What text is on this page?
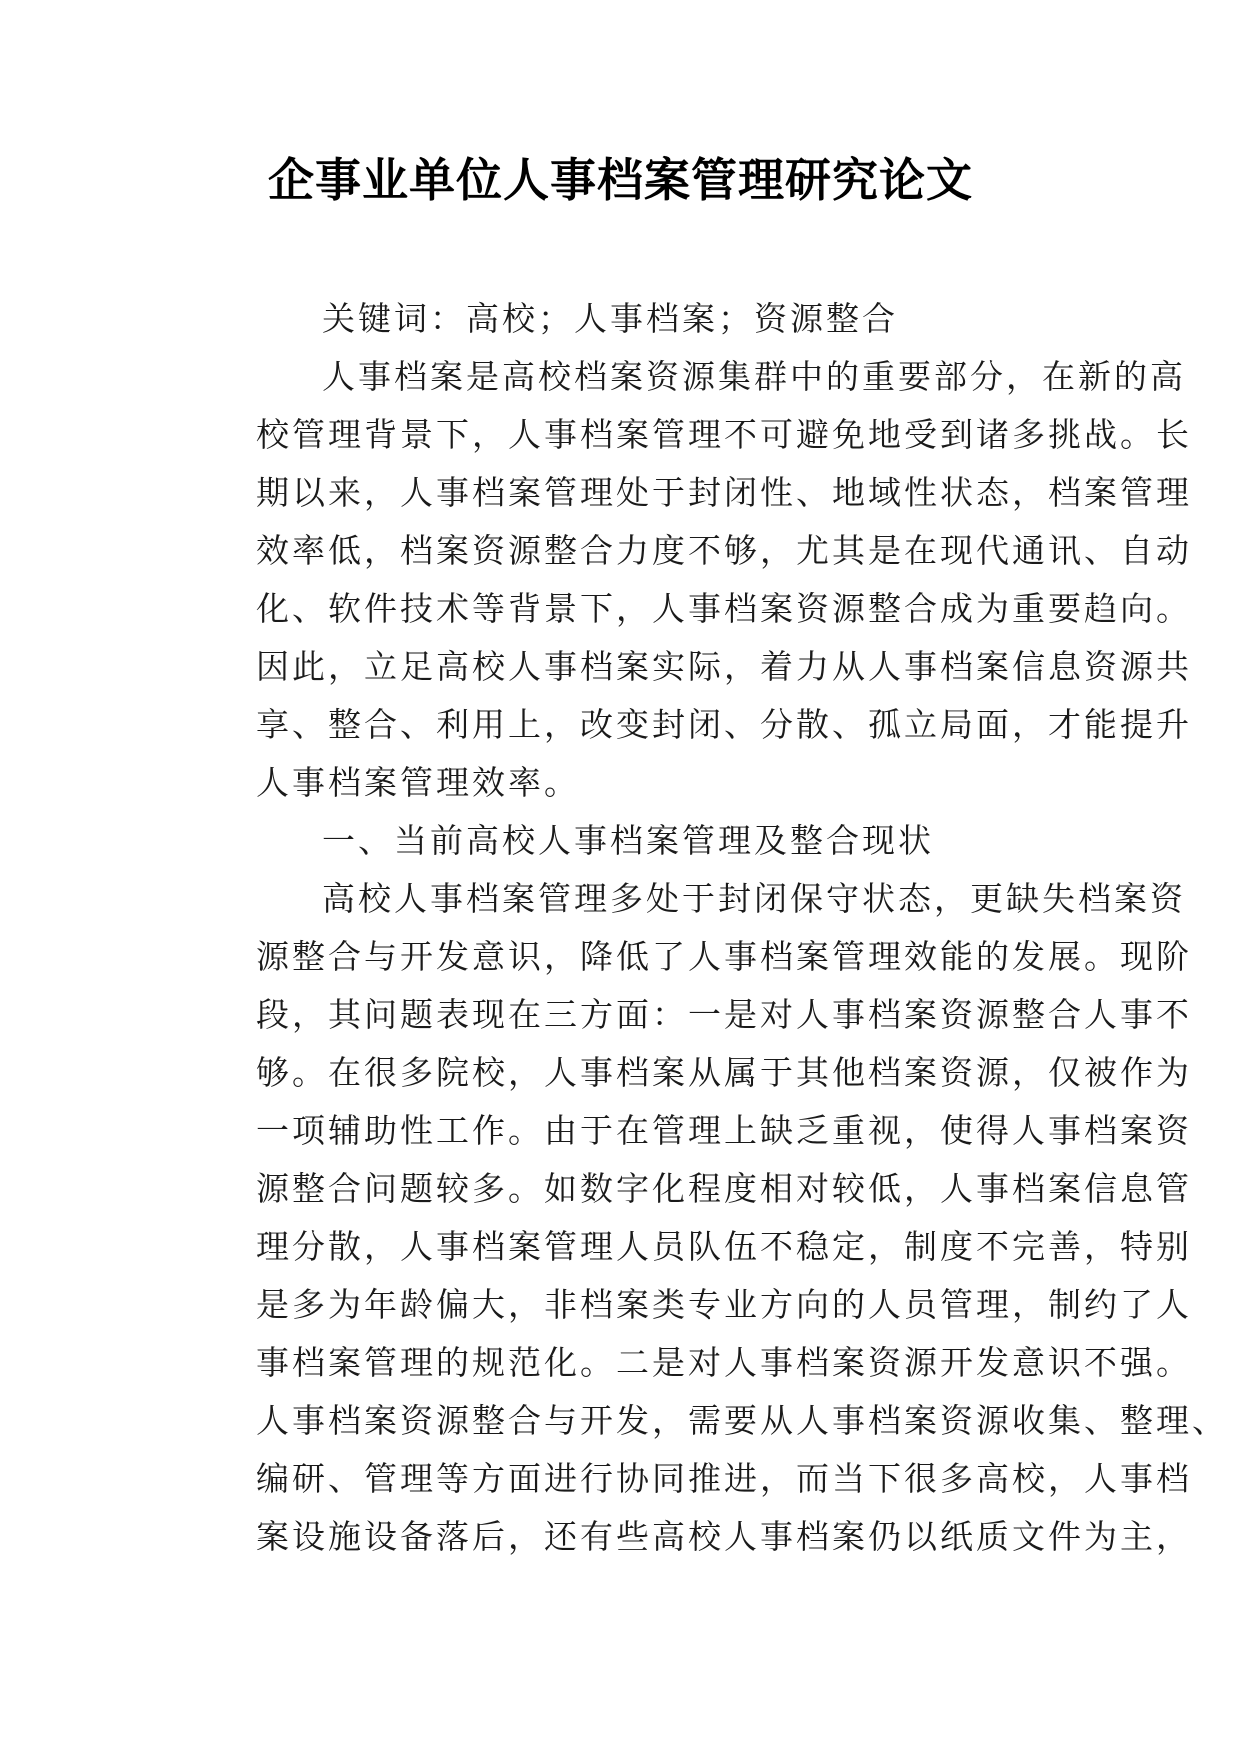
企事业单位人事档案管理研究论文
关键词：高校；人事档案；资源整合
人事档案是高校档案资源集群中的重要部分，在新的高
校管理背景下，人事档案管理不可避免地受到诸多挑战。长
期以来，人事档案管理处于封闭性、地域性状态，档案管理
效率低，档案资源整合力度不够，尤其是在现代通讯、自动
化、软件技术等背景下，人事档案资源整合成为重要趋向。
因此，立足高校人事档案实际，着力从人事档案信息资源共
享、整合、利用上，改变封闭、分散、孤立局面，才能提升
人事档案管理效率。
一、当前高校人事档案管理及整合现状
高校人事档案管理多处于封闭保守状态，更缺失档案资
源整合与开发意识，降低了人事档案管理效能的发展。现阶
段，其问题表现在三方面：一是对人事档案资源整合人事不
够。在很多院校，人事档案从属于其他档案资源，仅被作为
一项辅助性工作。由于在管理上缺乏重视，使得人事档案资
源整合问题较多。如数字化程度相对较低，人事档案信息管
理分散，人事档案管理人员队伍不稳定，制度不完善，特别
是多为年龄偏大，非档案类专业方向的人员管理，制约了人
事档案管理的规范化。二是对人事档案资源开发意识不强。
人事档案资源整合与开发，需要从人事档案资源收集、整理、
编研、管理等方面进行协同推进，而当下很多高校，人事档
案设施设备落后，还有些高校人事档案仍以纸质文件为主，
